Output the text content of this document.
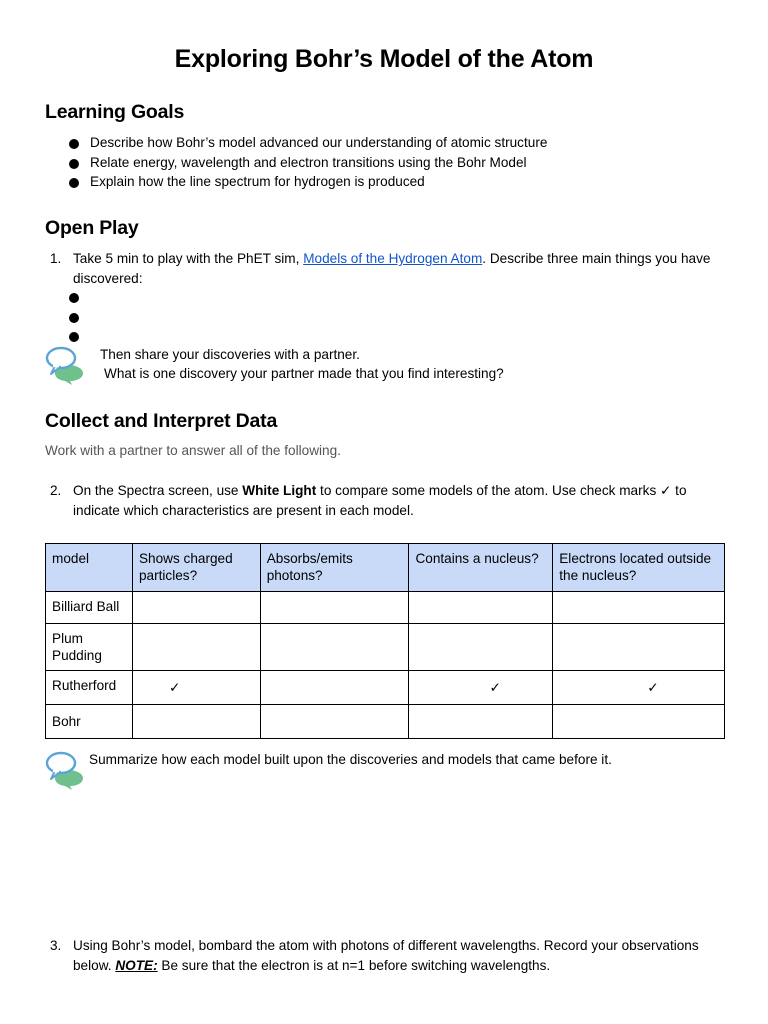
Exploring Bohr’s Model of the Atom
Learning Goals
Describe how Bohr’s model advanced our understanding of atomic structure
Relate energy, wavelength and electron transitions using the Bohr Model
Explain how the line spectrum for hydrogen is produced
Open Play
1. Take 5 min to play with the PhET sim, Models of the Hydrogen Atom. Describe three main things you have discovered:
Then share your discoveries with a partner.
What is one discovery your partner made that you find interesting?
Collect and Interpret Data
Work with a partner to answer all of the following.
2. On the Spectra screen, use White Light to compare some models of the atom. Use check marks ✓ to indicate which characteristics are present in each model.
model	Shows charged particles?	Absorbs/emits photons?	Contains a nucleus?	Electrons located outside the nucleus?
Billiard Ball				
Plum Pudding				
Rutherford	✓		✓	✓
Bohr				
Summarize how each model built upon the discoveries and models that came before it.
3. Using Bohr’s model, bombard the atom with photons of different wavelengths. Record your observations below. NOTE: Be sure that the electron is at n=1 before switching wavelengths.
